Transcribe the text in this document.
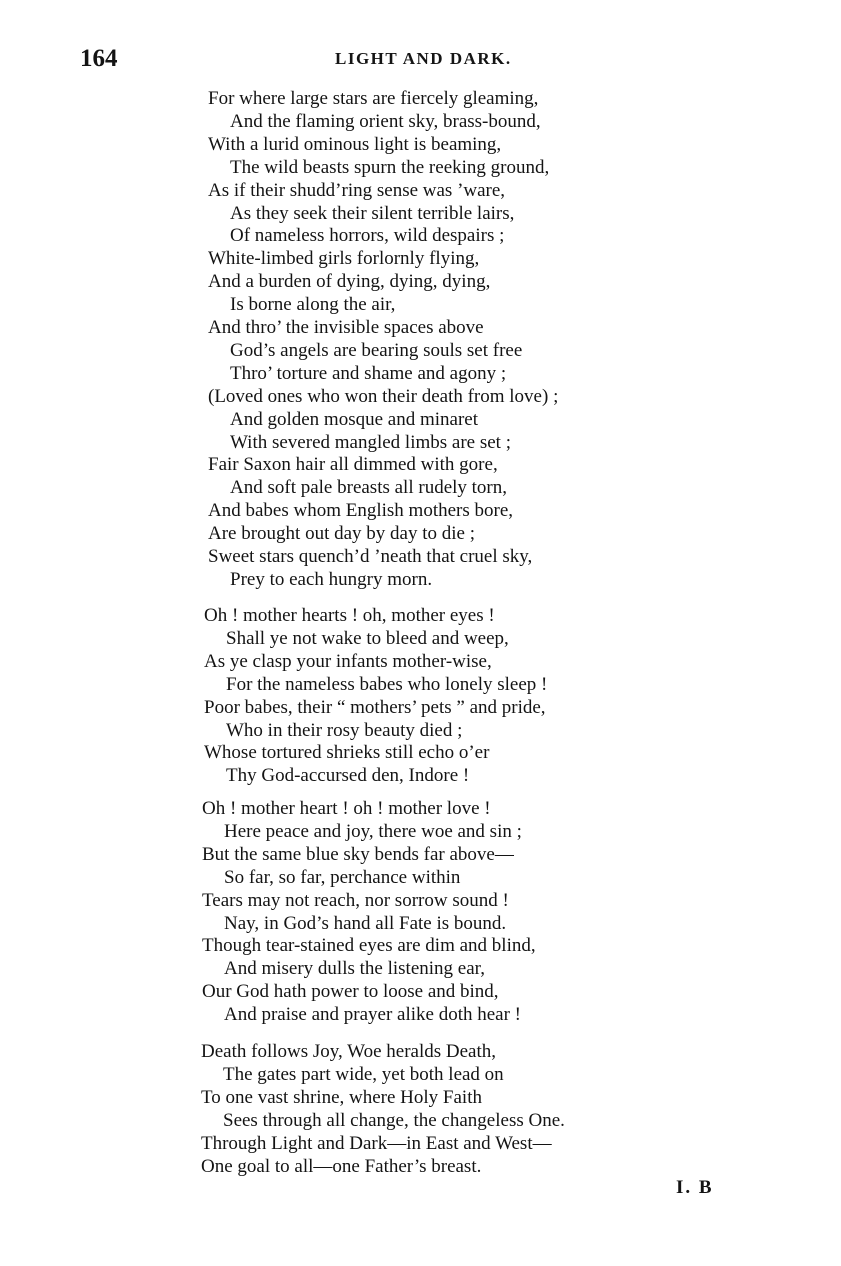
164	LIGHT AND DARK.
For where large stars are fiercely gleaming,
And the flaming orient sky, brass-bound,
With a lurid ominous light is beaming,
The wild beasts spurn the reeking ground,
As if their shudd’ring sense was ’ware,
As they seek their silent terrible lairs,
Of nameless horrors, wild despairs ;
White-limbed girls forlornly flying,
And a burden of dying, dying, dying,
Is borne along the air,
And thro’ the invisible spaces above
God’s angels are bearing souls set free
Thro’ torture and shame and agony ;
(Loved ones who won their death from love) ;
And golden mosque and minaret
With severed mangled limbs are set ;
Fair Saxon hair all dimmed with gore,
And soft pale breasts all rudely torn,
And babes whom English mothers bore,
Are brought out day by day to die ;
Sweet stars quench’d ’neath that cruel sky,
Prey to each hungry morn.
Oh ! mother hearts ! oh, mother eyes !
Shall ye not wake to bleed and weep,
As ye clasp your infants mother-wise,
For the nameless babes who lonely sleep !
Poor babes, their “ mothers’ pets ” and pride,
Who in their rosy beauty died ;
Whose tortured shrieks still echo o’er
Thy God-accursed den, Indore !
Oh ! mother heart ! oh ! mother love !
Here peace and joy, there woe and sin ;
But the same blue sky bends far above—
So far, so far, perchance within
Tears may not reach, nor sorrow sound !
Nay, in God’s hand all Fate is bound.
Though tear-stained eyes are dim and blind,
And misery dulls the listening ear,
Our God hath power to loose and bind,
And praise and prayer alike doth hear !
Death follows Joy, Woe heralds Death,
The gates part wide, yet both lead on
To one vast shrine, where Holy Faith
Sees through all change, the changeless One.
Through Light and Dark—in East and West—
One goal to all—one Father’s breast.
I. B
